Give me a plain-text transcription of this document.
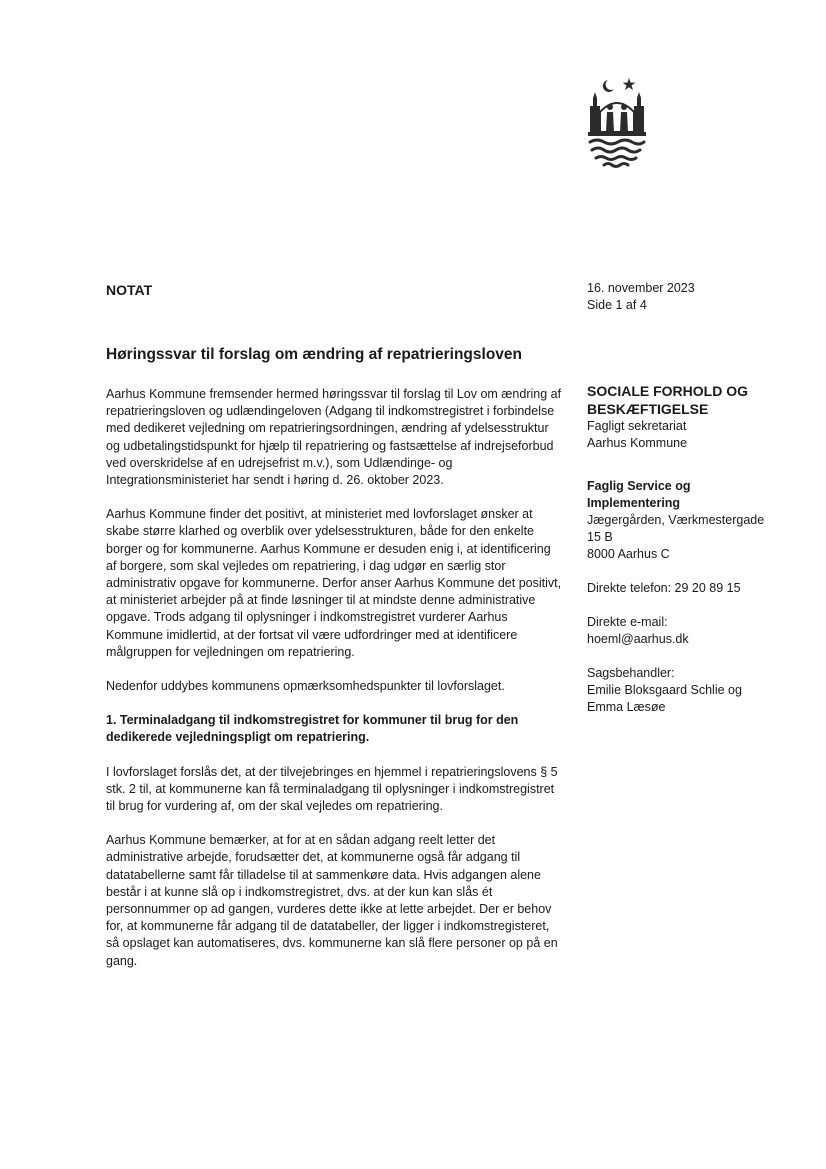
NOTAT	16. november 2023
Side 1 af 4
Høringssvar til forslag om ændring af repatrieringsloven

Aarhus Kommune fremsender hermed høringssvar til forslag til Lov om ændring af repatrieringsloven og udlændingeloven (Adgang til indkomstregistret i forbindelse med dedikeret vejledning om repatrieringsordningen, ændring af ydelsesstruktur og udbetalingstidspunkt for hjælp til repatriering og fastsættelse af indrejseforbud ved overskridelse af en udrejsefrist m.v.), som Udlændinge- og Integrationsministeriet har sendt i høring d. 26. oktober 2023.

Aarhus Kommune finder det positivt, at ministeriet med lovforslaget ønsker at skabe større klarhed og overblik over ydelsesstrukturen, både for den enkelte borger og for kommunerne. Aarhus Kommune er desuden enig i, at identificering af borgere, som skal vejledes om repatriering, i dag udgør en særlig stor administrativ opgave for kommunerne. Derfor anser Aarhus Kommune det positivt, at ministeriet arbejder på at finde løsninger til at mindste denne administrative opgave. Trods adgang til oplysninger i indkomstregistret vurderer Aarhus Kommune imidlertid, at der fortsat vil være udfordringer med at identificere målgruppen for vejledningen om repatriering.

Nedenfor uddybes kommunens opmærksomhedspunkter til lovforslaget.

1. Terminaladgang til indkomstregistret for kommuner til brug for den dedikerede vejledningspligt om repatriering.

I lovforslaget forslås det, at der tilvejebringes en hjemmel i repatrieringslovens § 5 stk. 2 til, at kommunerne kan få terminaladgang til oplysninger i indkomstregistret til brug for vurdering af, om der skal vejledes om repatriering.

Aarhus Kommune bemærker, at for at en sådan adgang reelt letter det administrative arbejde, forudsætter det, at kommunerne også får adgang til datatabellerne samt får tilladelse til at sammenkøre data. Hvis adgangen alene består i at kunne slå op i indkomstregistret, dvs. at der kun kan slås ét personnummer op ad gangen, vurderes dette ikke at lette arbejdet. Der er behov for, at kommunerne får adgang til de datatabeller, der ligger i indkomstregisteret, så opslaget kan automatiseres, dvs. kommunerne kan slå flere personer op på en gang.

SOCIALE FORHOLD OG
BESKÆFTIGELSE
Fagligt sekretariat
Aarhus Kommune
Faglig Service og
Implementering
Jægergården, Værkmestergade
15 B
8000 Aarhus C
Direkte telefon: 29 20 89 15
Direkte e-mail:
hoeml@aarhus.dk
Sagsbehandler:
Emilie Bloksgaard Schlie og
Emma Læsøe
